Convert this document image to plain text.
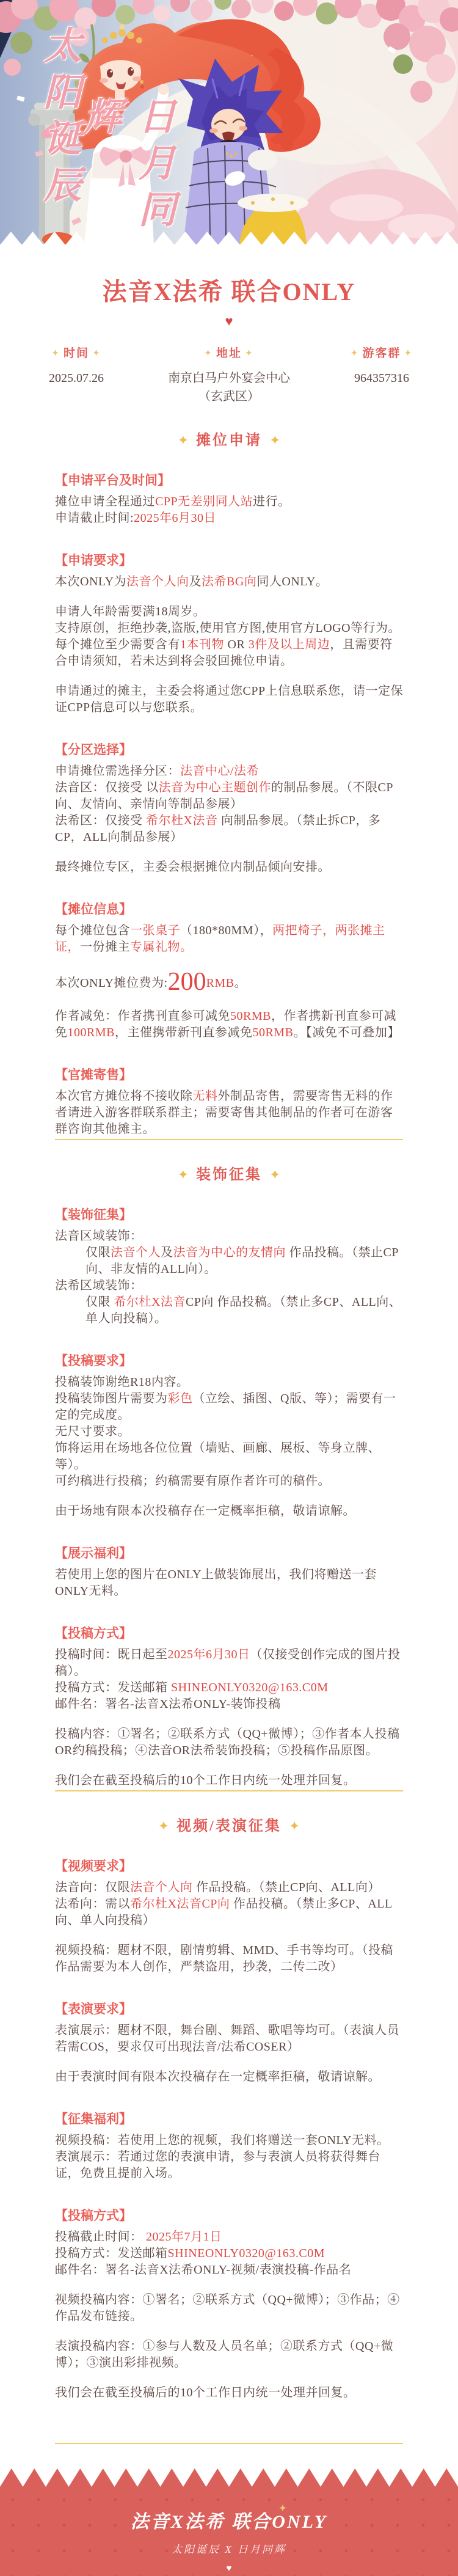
太阳诞辰	日月同辉
法音X法希 联合ONLY
♥
✦ 时间 ✦
2025.07.26
✦ 地址 ✦
南京白马户外宴会中心
（玄武区）
✦ 游客群 ✦
964357316
✦ 摊位申请 ✦
【申请平台及时间】

摊位申请全程通过CPP无差别同人站进行。

申请截止时间:2025年6月30日

【申请要求】

本次ONLY为法音个人向及法希BG向同人ONLY。

申请人年龄需要满18周岁。

支持原创，拒绝抄袭,盗版,使用官方图,使用官方LOGO等行为。

每个摊位至少需要含有1本刊物 OR 3件及以上周边，且需要符合申请须知，若未达到将会驳回摊位申请。

申请通过的摊主，主委会将通过您CPP上信息联系您，请一定保证CPP信息可以与您联系。

【分区选择】

申请摊位需选择分区：法音中心/法希

法音区：仅接受 以法音为中心主题创作的制品参展。（不限CP向、友情向、亲情向等制品参展）

法希区：仅接受 希尔杜X法音 向制品参展。（禁止拆CP，多CP，ALL向制品参展）

最终摊位专区，主委会根据摊位内制品倾向安排。

【摊位信息】

每个摊位包含一张桌子（180*80MM），两把椅子，两张摊主证，一份摊主专属礼物。

本次ONLY摊位费为:200RMB。

作者减免：作者携刊直参可减免50RMB，作者携新刊直参可减免100RMB，主催携带新刊直参减免50RMB。【减免不可叠加】

【官摊寄售】

本次官方摊位将不接收除无料外制品寄售，需要寄售无料的作者请进入游客群联系群主；需要寄售其他制品的作者可在游客群咨询其他摊主。

✦ 装饰征集 ✦
【装饰征集】

法音区域装饰：

仅限法音个人及法音为中心的友情向 作品投稿。（禁止CP向、非友情的ALL向）。

法希区域装饰：

仅限 希尔杜X法音CP向 作品投稿。（禁止多CP、ALL向、单人向投稿）。

【投稿要求】

投稿装饰谢绝R18内容。

投稿装饰图片需要为彩色（立绘、插图、Q版、等）；需要有一定的完成度。

无尺寸要求。

饰将运用在场地各位位置（墙贴、画廊、展板、等身立牌、等）。

可约稿进行投稿；约稿需要有原作者许可的稿件。

由于场地有限本次投稿存在一定概率拒稿，敬请谅解。

【展示福利】

若使用上您的图片在ONLY上做装饰展出，我们将赠送一套ONLY无料。

【投稿方式】

投稿时间：既日起至2025年6月30日（仅接受创作完成的图片投稿）。

投稿方式：发送邮箱 SHINEONLY0320@163.C0M

邮件名：署名-法音X法希ONLY-装饰投稿

投稿内容：①署名；②联系方式（QQ+微博）；③作者本人投稿OR约稿投稿；④法音OR法希装饰投稿；⑤投稿作品原图。

我们会在截至投稿后的10个工作日内统一处理并回复。

✦ 视频/表演征集 ✦
【视频要求】

法音向：仅限法音个人向 作品投稿。（禁止CP向、ALL向）

法希向：需以希尔杜X法音CP向 作品投稿。（禁止多CP、ALL向、单人向投稿）

视频投稿：题材不限，剧情剪辑、MMD、手书等均可。（投稿作品需要为本人创作，严禁盗用，抄袭，二传二改）

【表演要求】

表演展示：题材不限，舞台剧、舞蹈、歌唱等均可。（表演人员若需COS，要求仅可出现法音/法希COSER）

由于表演时间有限本次投稿存在一定概率拒稿，敬请谅解。

【征集福利】

视频投稿：若使用上您的视频，我们将赠送一套ONLY无料。

表演展示：若通过您的表演申请，参与表演人员将获得舞台证，免费且提前入场。

【投稿方式】

投稿截止时间： 2025年7月1日

投稿方式：发送邮箱SHINEONLY0320@163.C0M

邮件名：署名-法音X法希ONLY-视频/表演投稿-作品名

视频投稿内容：①署名；②联系方式（QQ+微博）；③作品；④作品发布链接。

表演投稿内容：①参与人数及人员名单；②联系方式（QQ+微博）；③演出彩排视频。

我们会在截至投稿后的10个工作日内统一处理并回复。

法音X法希 联合ONLY
✦
太阳诞辰 X 日月同辉
♥
